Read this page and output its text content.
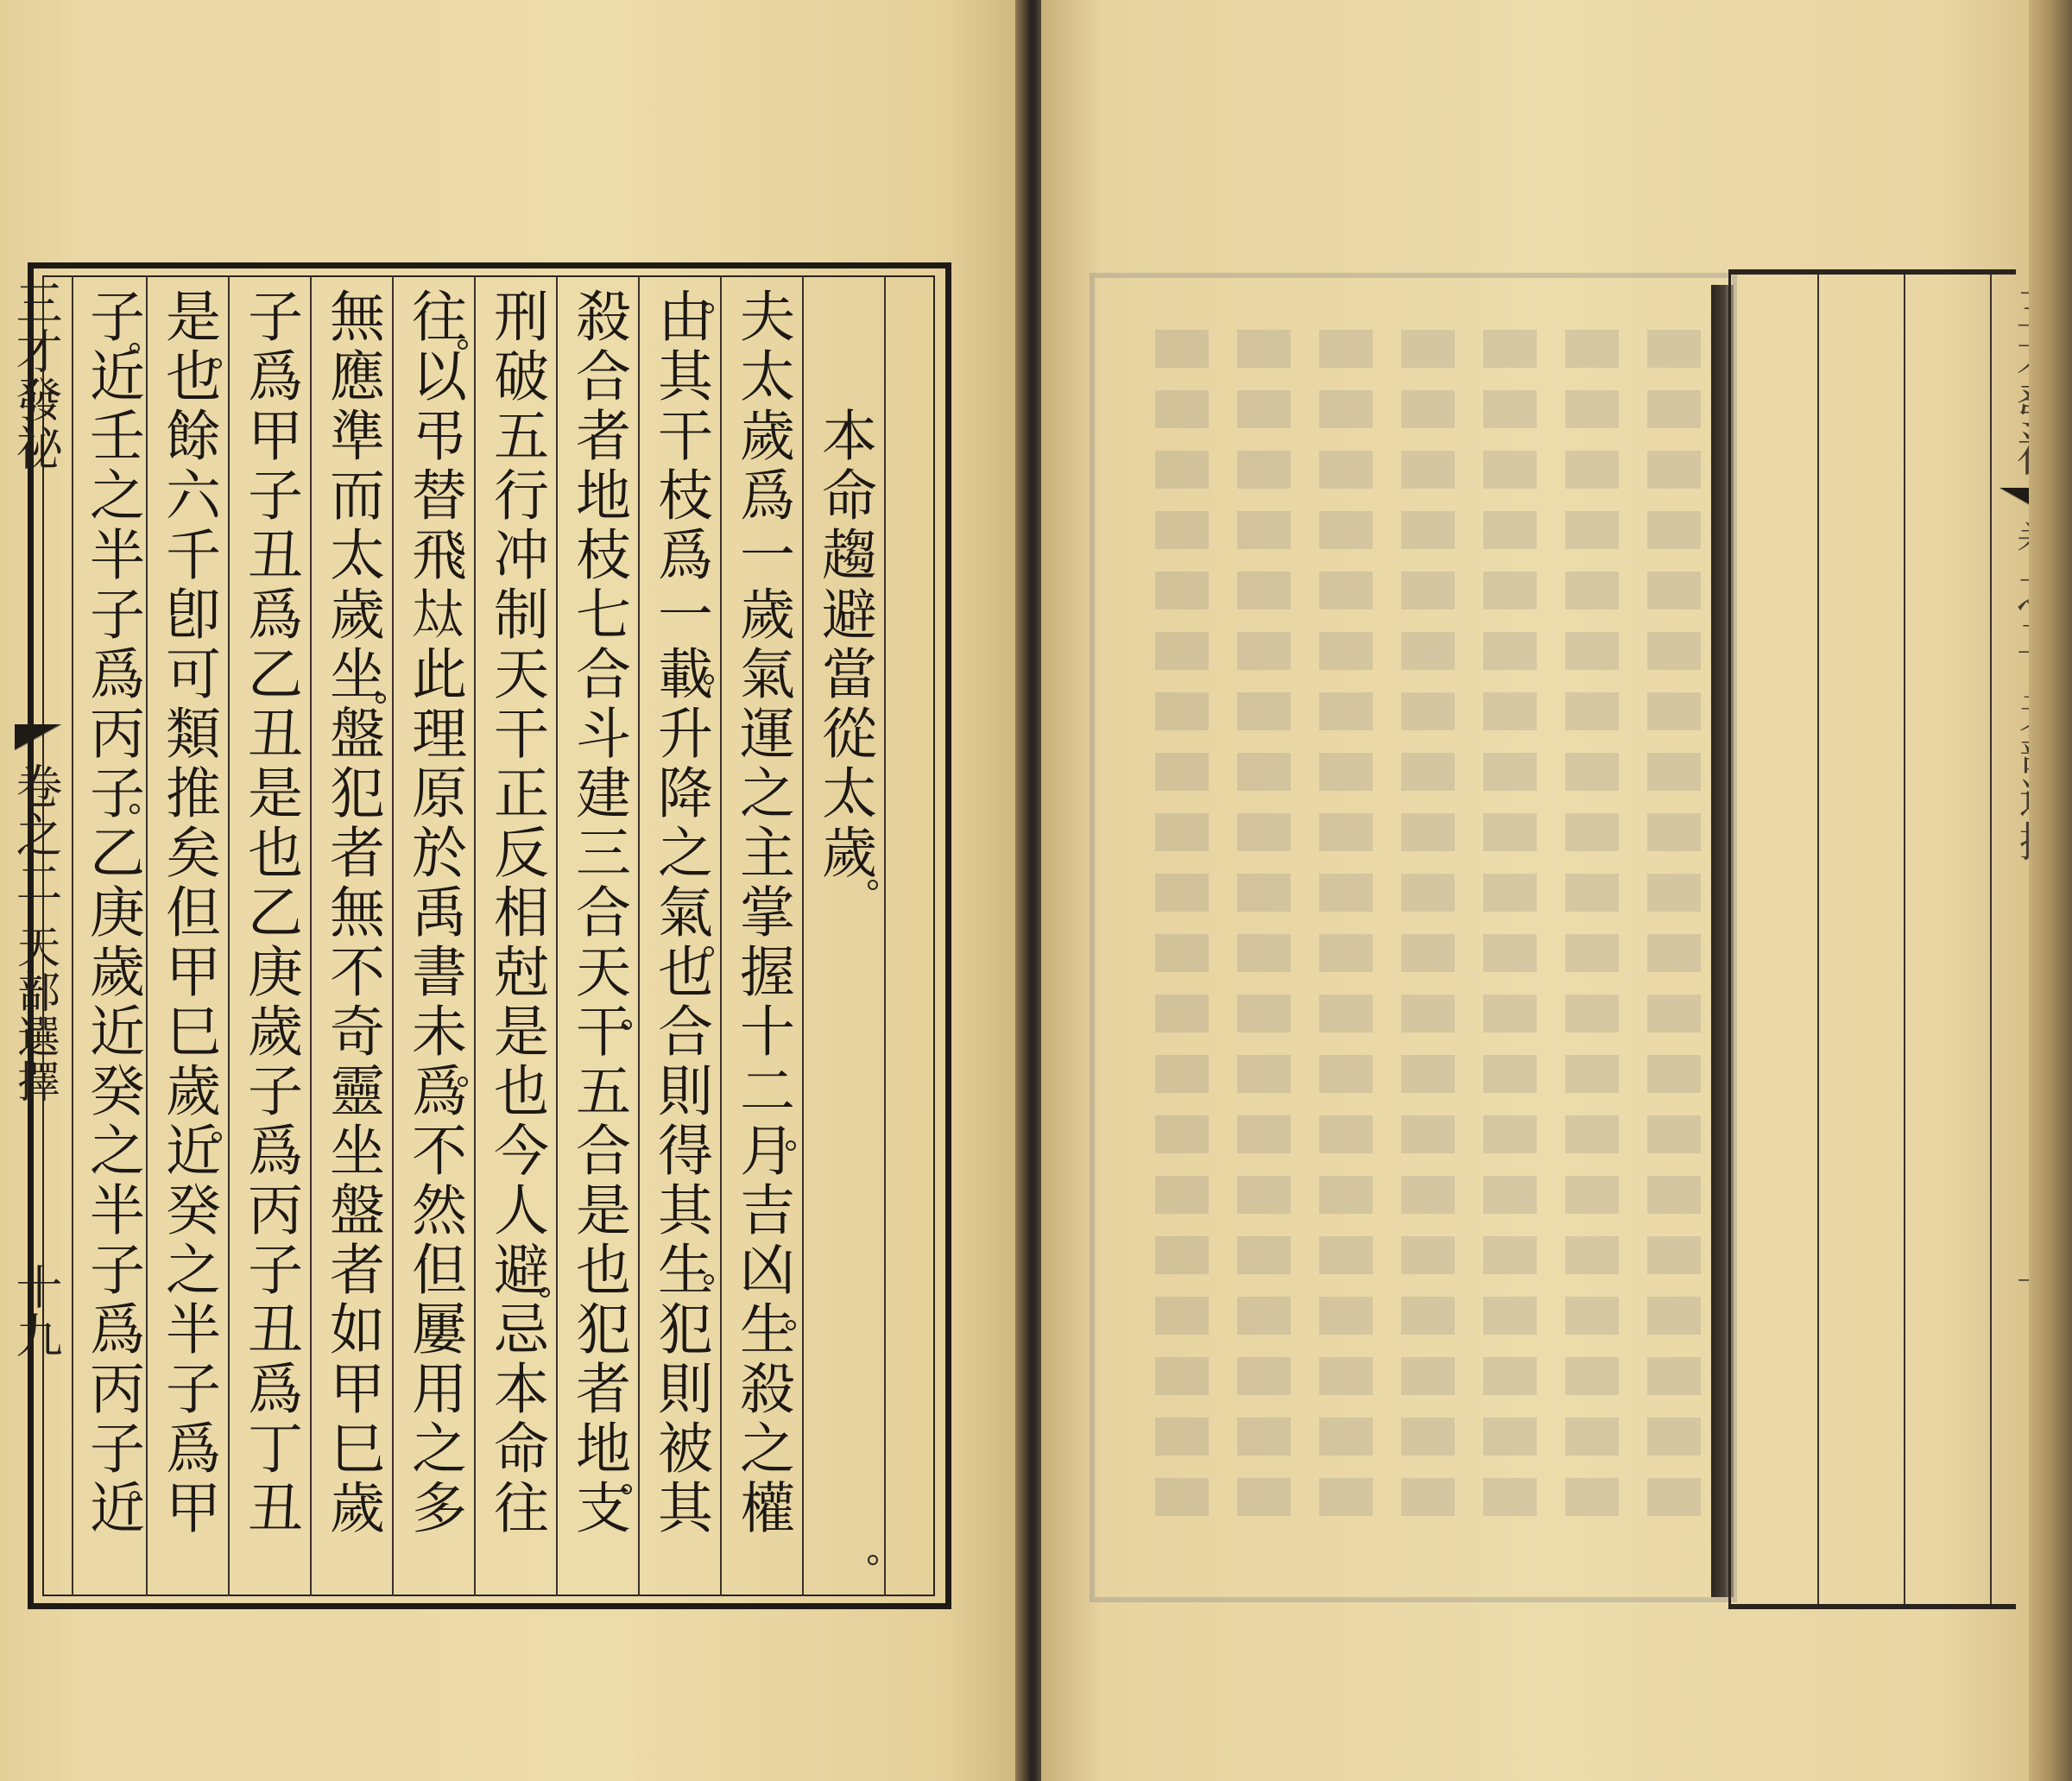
三才發祕
卷之二
天部選擇
十九
本命趨避當從太歲
夫太歲爲一歲氣運之主掌握十二月吉凶生殺之權
由其干枝爲一載升降之氣也合則得其生犯則被其
殺合者地枝七合斗建三合天干五合是也犯者地支
刑破五行冲制天干正反相尅是也今人避忌本命往
往以弔替飛𡘋此理原於禹書未爲不然但屢用之多
無應準而太歲坐盤犯者無不奇靈坐盤者如甲巳歲
子爲甲子丑爲乙丑是也乙庚歲子爲丙子丑爲丁丑
是也餘六千卽可類推矣但甲巳歲近癸之半子爲甲
子近壬之半子爲丙子乙庚歲近癸之半子爲丙子近
